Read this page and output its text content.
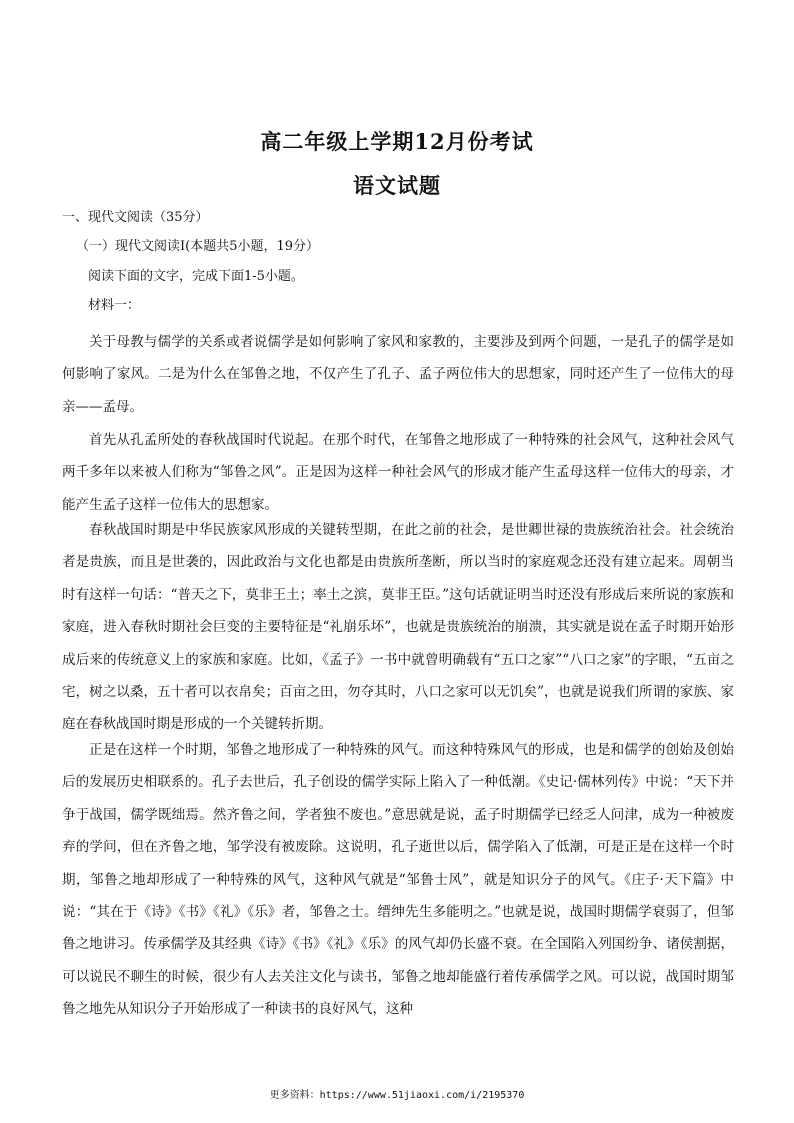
高二年级上学期12月份考试
语文试题
一、现代文阅读（35分）
（一）现代文阅读Ⅰ(本题共5小题，19分）
阅读下面的文字，完成下面1-5小题。
材料一：
关于母教与儒学的关系或者说儒学是如何影响了家风和家教的，主要涉及到两个问题，一是孔子的儒学是如何影响了家风。二是为什么在邹鲁之地，不仅产生了孔子、孟子两位伟大的思想家，同时还产生了一位伟大的母亲——孟母。
首先从孔孟所处的春秋战国时代说起。在那个时代，在邹鲁之地形成了一种特殊的社会风气，这种社会风气两千多年以来被人们称为“邹鲁之风”。正是因为这样一种社会风气的形成才能产生孟母这样一位伟大的母亲，才能产生孟子这样一位伟大的思想家。
春秋战国时期是中华民族家风形成的关键转型期，在此之前的社会，是世卿世禄的贵族统治社会。社会统治者是贵族，而且是世袭的，因此政治与文化也都是由贵族所垄断，所以当时的家庭观念还没有建立起来。周朝当时有这样一句话：“普天之下，莫非王土；率土之滨，莫非王臣。”这句话就证明当时还没有形成后来所说的家族和家庭，进入春秋时期社会巨变的主要特征是“礼崩乐坏”，也就是贵族统治的崩溃，其实就是说在孟子时期开始形成后来的传统意义上的家族和家庭。比如，《孟子》一书中就曾明确载有“五口之家”“八口之家”的字眼，“五亩之宅，树之以桑，五十者可以衣帛矣；百亩之田，勿夺其时，八口之家可以无饥矣”，也就是说我们所谓的家族、家庭在春秋战国时期是形成的一个关键转折期。
正是在这样一个时期，邹鲁之地形成了一种特殊的风气。而这种特殊风气的形成，也是和儒学的创始及创始后的发展历史相联系的。孔子去世后，孔子创设的儒学实际上陷入了一种低潮。《史记·儒林列传》中说：“天下并争于战国，儒学既绌焉。然齐鲁之间，学者独不废也。”意思就是说，孟子时期儒学已经乏人问津，成为一种被废弃的学问，但在齐鲁之地，邹学没有被废除。这说明，孔子逝世以后，儒学陷入了低潮，可是正是在这样一个时期，邹鲁之地却形成了一种特殊的风气，这种风气就是“邹鲁士风”，就是知识分子的风气。《庄子·天下篇》中说：“其在于《诗》《书》《礼》《乐》者，邹鲁之士。缙绅先生多能明之。”也就是说，战国时期儒学衰弱了，但邹鲁之地讲习。传承儒学及其经典《诗》《书》《礼》《乐》的风气却仍长盛不衰。在全国陷入列国纷争、诸侯割据，可以说民不聊生的时候，很少有人去关注文化与读书，邹鲁之地却能盛行着传承儒学之风。可以说，战国时期邹鲁之地先从知识分子开始形成了一种读书的良好风气，这种
更多资料：https://www.51jiaoxi.com/i/2195370
